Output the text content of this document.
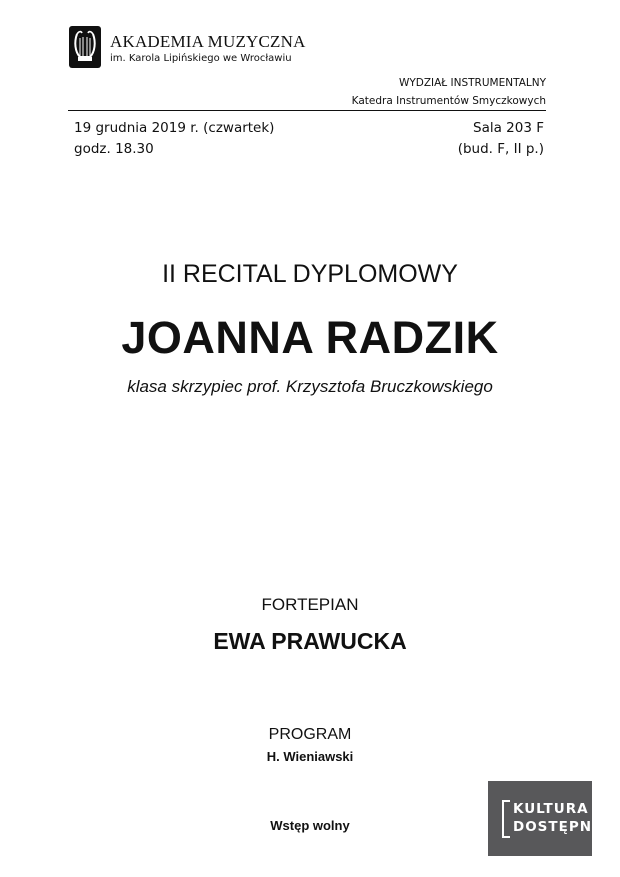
AKADEMIA MUZYCZNA
im. Karola Lipińskiego we Wrocławiu
WYDZIAŁ INSTRUMENTALNY
Katedra Instrumentów Smyczkowych
19 grudnia 2019 r. (czwartek)
godz. 18.30
Sala 203 F
(bud. F, II p.)
II RECITAL DYPLOMOWY
JOANNA RADZIK
klasa skrzypiec prof. Krzysztofa Bruczkowskiego
FORTEPIAN
EWA PRAWUCKA
PROGRAM
H. Wieniawski
Wstęp wolny
KULTURA
DOSTĘPNA
